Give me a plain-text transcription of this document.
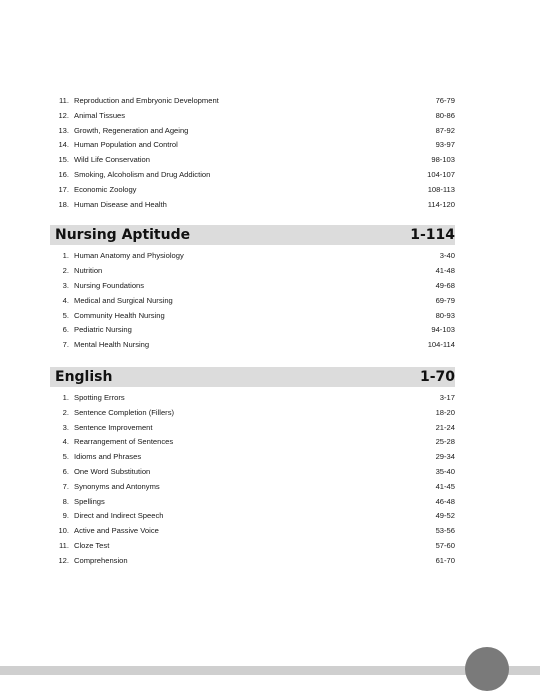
11. Reproduction and Embryonic Development	76-79
12. Animal Tissues	80-86
13. Growth, Regeneration and Ageing	87-92
14. Human Population and Control	93-97
15. Wild Life Conservation	98-103
16. Smoking, Alcoholism and Drug Addiction	104-107
17. Economic Zoology	108-113
18. Human Disease and Health	114-120
Nursing Aptitude	1-114
1. Human Anatomy and Physiology	3-40
2. Nutrition	41-48
3. Nursing Foundations	49-68
4. Medical and Surgical Nursing	69-79
5. Community Health Nursing	80-93
6. Pediatric Nursing	94-103
7. Mental Health Nursing	104-114
English	1-70
1. Spotting Errors	3-17
2. Sentence Completion (Fillers)	18-20
3. Sentence Improvement	21-24
4. Rearrangement of Sentences	25-28
5. Idioms and Phrases	29-34
6. One Word Substitution	35-40
7. Synonyms and Antonyms	41-45
8. Spellings	46-48
9. Direct and Indirect Speech	49-52
10. Active and Passive Voice	53-56
11. Cloze Test	57-60
12. Comprehension	61-70
